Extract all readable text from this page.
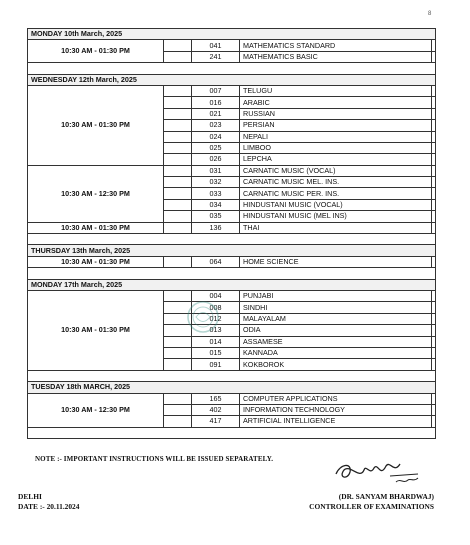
8
MONDAY 10th March, 2025				
10:30 AM - 01:30 PM		041	MATHEMATICS STANDARD	
		241	MATHEMATICS BASIC	

WEDNESDAY 12th March, 2025				
10:30 AM - 01:30 PM		007	TELUGU	
		016	ARABIC	
		021	RUSSIAN	
		023	PERSIAN	
		024	NEPALI	
		025	LIMBOO	
		026	LEPCHA	
10:30 AM - 12:30 PM		031	CARNATIC MUSIC (VOCAL)	
		032	CARNATIC MUSIC MEL. INS.	
		033	CARNATIC MUSIC PER. INS.	
		034	HINDUSTANI MUSIC (VOCAL)	
		035	HINDUSTANI MUSIC (MEL INS)	
10:30 AM - 01:30 PM		136	THAI	

THURSDAY 13th March, 2025				
10:30 AM - 01:30 PM		064	HOME SCIENCE	

MONDAY 17th March, 2025				
10:30 AM - 01:30 PM		004	PUNJABI	
		008	SINDHI	
		012	MALAYALAM	
		013	ODIA	
		014	ASSAMESE	
		015	KANNADA	
		091	KOKBOROK	

TUESDAY 18th MARCH, 2025				
10:30 AM - 12:30 PM		165	COMPUTER APPLICATIONS	
		402	INFORMATION TECHNOLOGY	
		417	ARTIFICIAL INTELLIGENCE	

NOTE :- IMPORTANT INSTRUCTIONS WILL BE ISSUED SEPARATELY.
DELHI
DATE :- 20.11.2024
(DR. SANYAM BHARDWAJ)
CONTROLLER OF EXAMINATIONS
